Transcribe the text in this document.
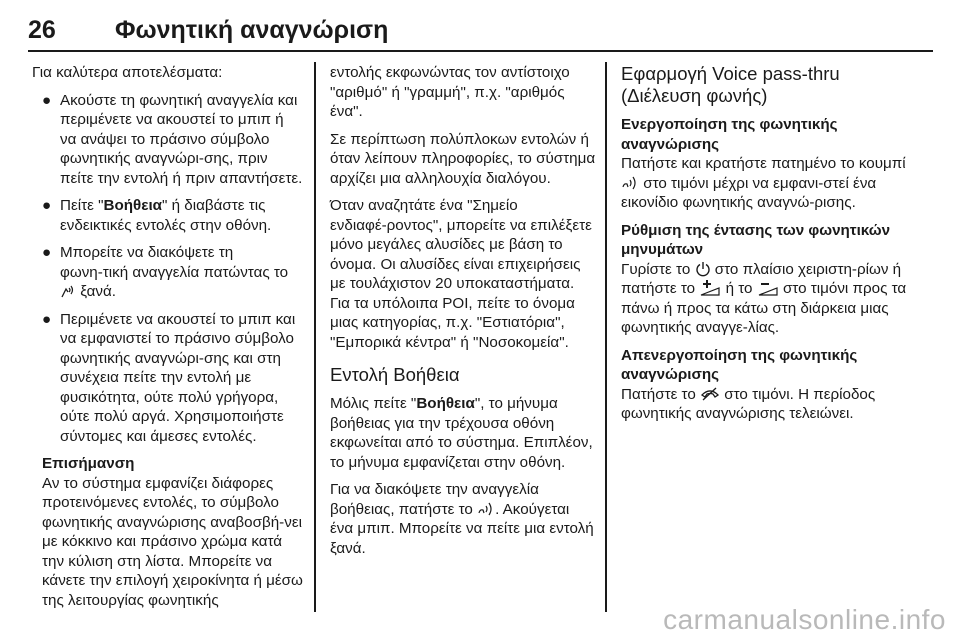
26 Φωνητική αναγνώριση

Για καλύτερα αποτελέσματα:

● Ακούστε τη φωνητική αναγγελία και περιμένετε να ακουστεί το μπιπ ή να ανάψει το πράσινο σύμβολο φωνητικής αναγνώρι‑σης, πριν πείτε την εντολή ή πριν απαντήσετε.
● Πείτε "Βοήθεια" ή διαβάστε τις ενδεικτικές εντολές στην οθόνη.
● Μπορείτε να διακόψετε τη φωνη‑τική αναγγελία πατώντας το
ξανά.
● Περιμένετε να ακουστεί το μπιπ και να εμφανιστεί το πράσινο σύμβολο φωνητικής αναγνώρι‑σης και στη συνέχεια πείτε την εντολή με φυσικότητα, ούτε πολύ γρήγορα, ούτε πολύ αργά. Χρησιμοποιήστε σύντομες και άμεσες εντολές.
Επισήμανση

Αν το σύστημα εμφανίζει διάφορες προτεινόμενες εντολές, το σύμβολο φωνητικής αναγνώρισης αναβοσβή‑νει με κόκκινο και πράσινο χρώμα κατά την κύλιση στη λίστα. Μπορείτε να κάνετε την επιλογή χειροκίνητα ή μέσω της λειτουργίας φωνητικής

εντολής εκφωνώντας τον αντίστοιχο "αριθμό" ή "γραμμή", π.χ. "αριθμός ένα".

Σε περίπτωση πολύπλοκων εντολών ή όταν λείπουν πληροφορίες, το σύστημα αρχίζει μια αλληλουχία διαλόγου.

Όταν αναζητάτε ένα "Σημείο ενδιαφέ‑ροντος", μπορείτε να επιλέξετε μόνο μεγάλες αλυσίδες με βάση το όνομα. Οι αλυσίδες είναι επιχειρήσεις με τουλάχιστον 20 υποκαταστήματα. Για τα υπόλοιπα POI, πείτε το όνομα μιας κατηγορίας, π.χ. "Εστιατόρια", "Εμπορικά κέντρα" ή "Νοσοκομεία".

Εντολή Βοήθεια

Μόλις πείτε "Βοήθεια", το μήνυμα βοήθειας για την τρέχουσα οθόνη εκφωνείται από το σύστημα. Επιπλέον, το μήνυμα εμφανίζεται στην οθόνη.

Για να διακόψετε την αναγγελία βοήθειας, πατήστε το . Ακούγεται ένα μπιπ. Μπορείτε να πείτε μια εντολή ξανά.

Εφαρμογή Voice pass-thru (Διέλευση φωνής)
Ενεργοποίηση της φωνητικής αναγνώρισης

Πατήστε και κρατήστε πατημένο το κουμπί
στο τιμόνι μέχρι να εμφανι‑στεί ένα εικονίδιο φωνητικής αναγνώ‑ρισης.

Ρύθμιση της έντασης των φωνητικών μηνυμάτων

Γυρίστε το στο πλαίσιο χειριστη‑ρίων ή πατήστε το ή το στο τιμόνι προς τα πάνω ή προς τα κάτω στη διάρκεια μιας φωνητικής αναγγε‑λίας.

Απενεργοποίηση της φωνητικής αναγνώρισης

Πατήστε το στο τιμόνι. Η περίοδος φωνητικής αναγνώρισης τελειώνει.

carmanualsonline.info
